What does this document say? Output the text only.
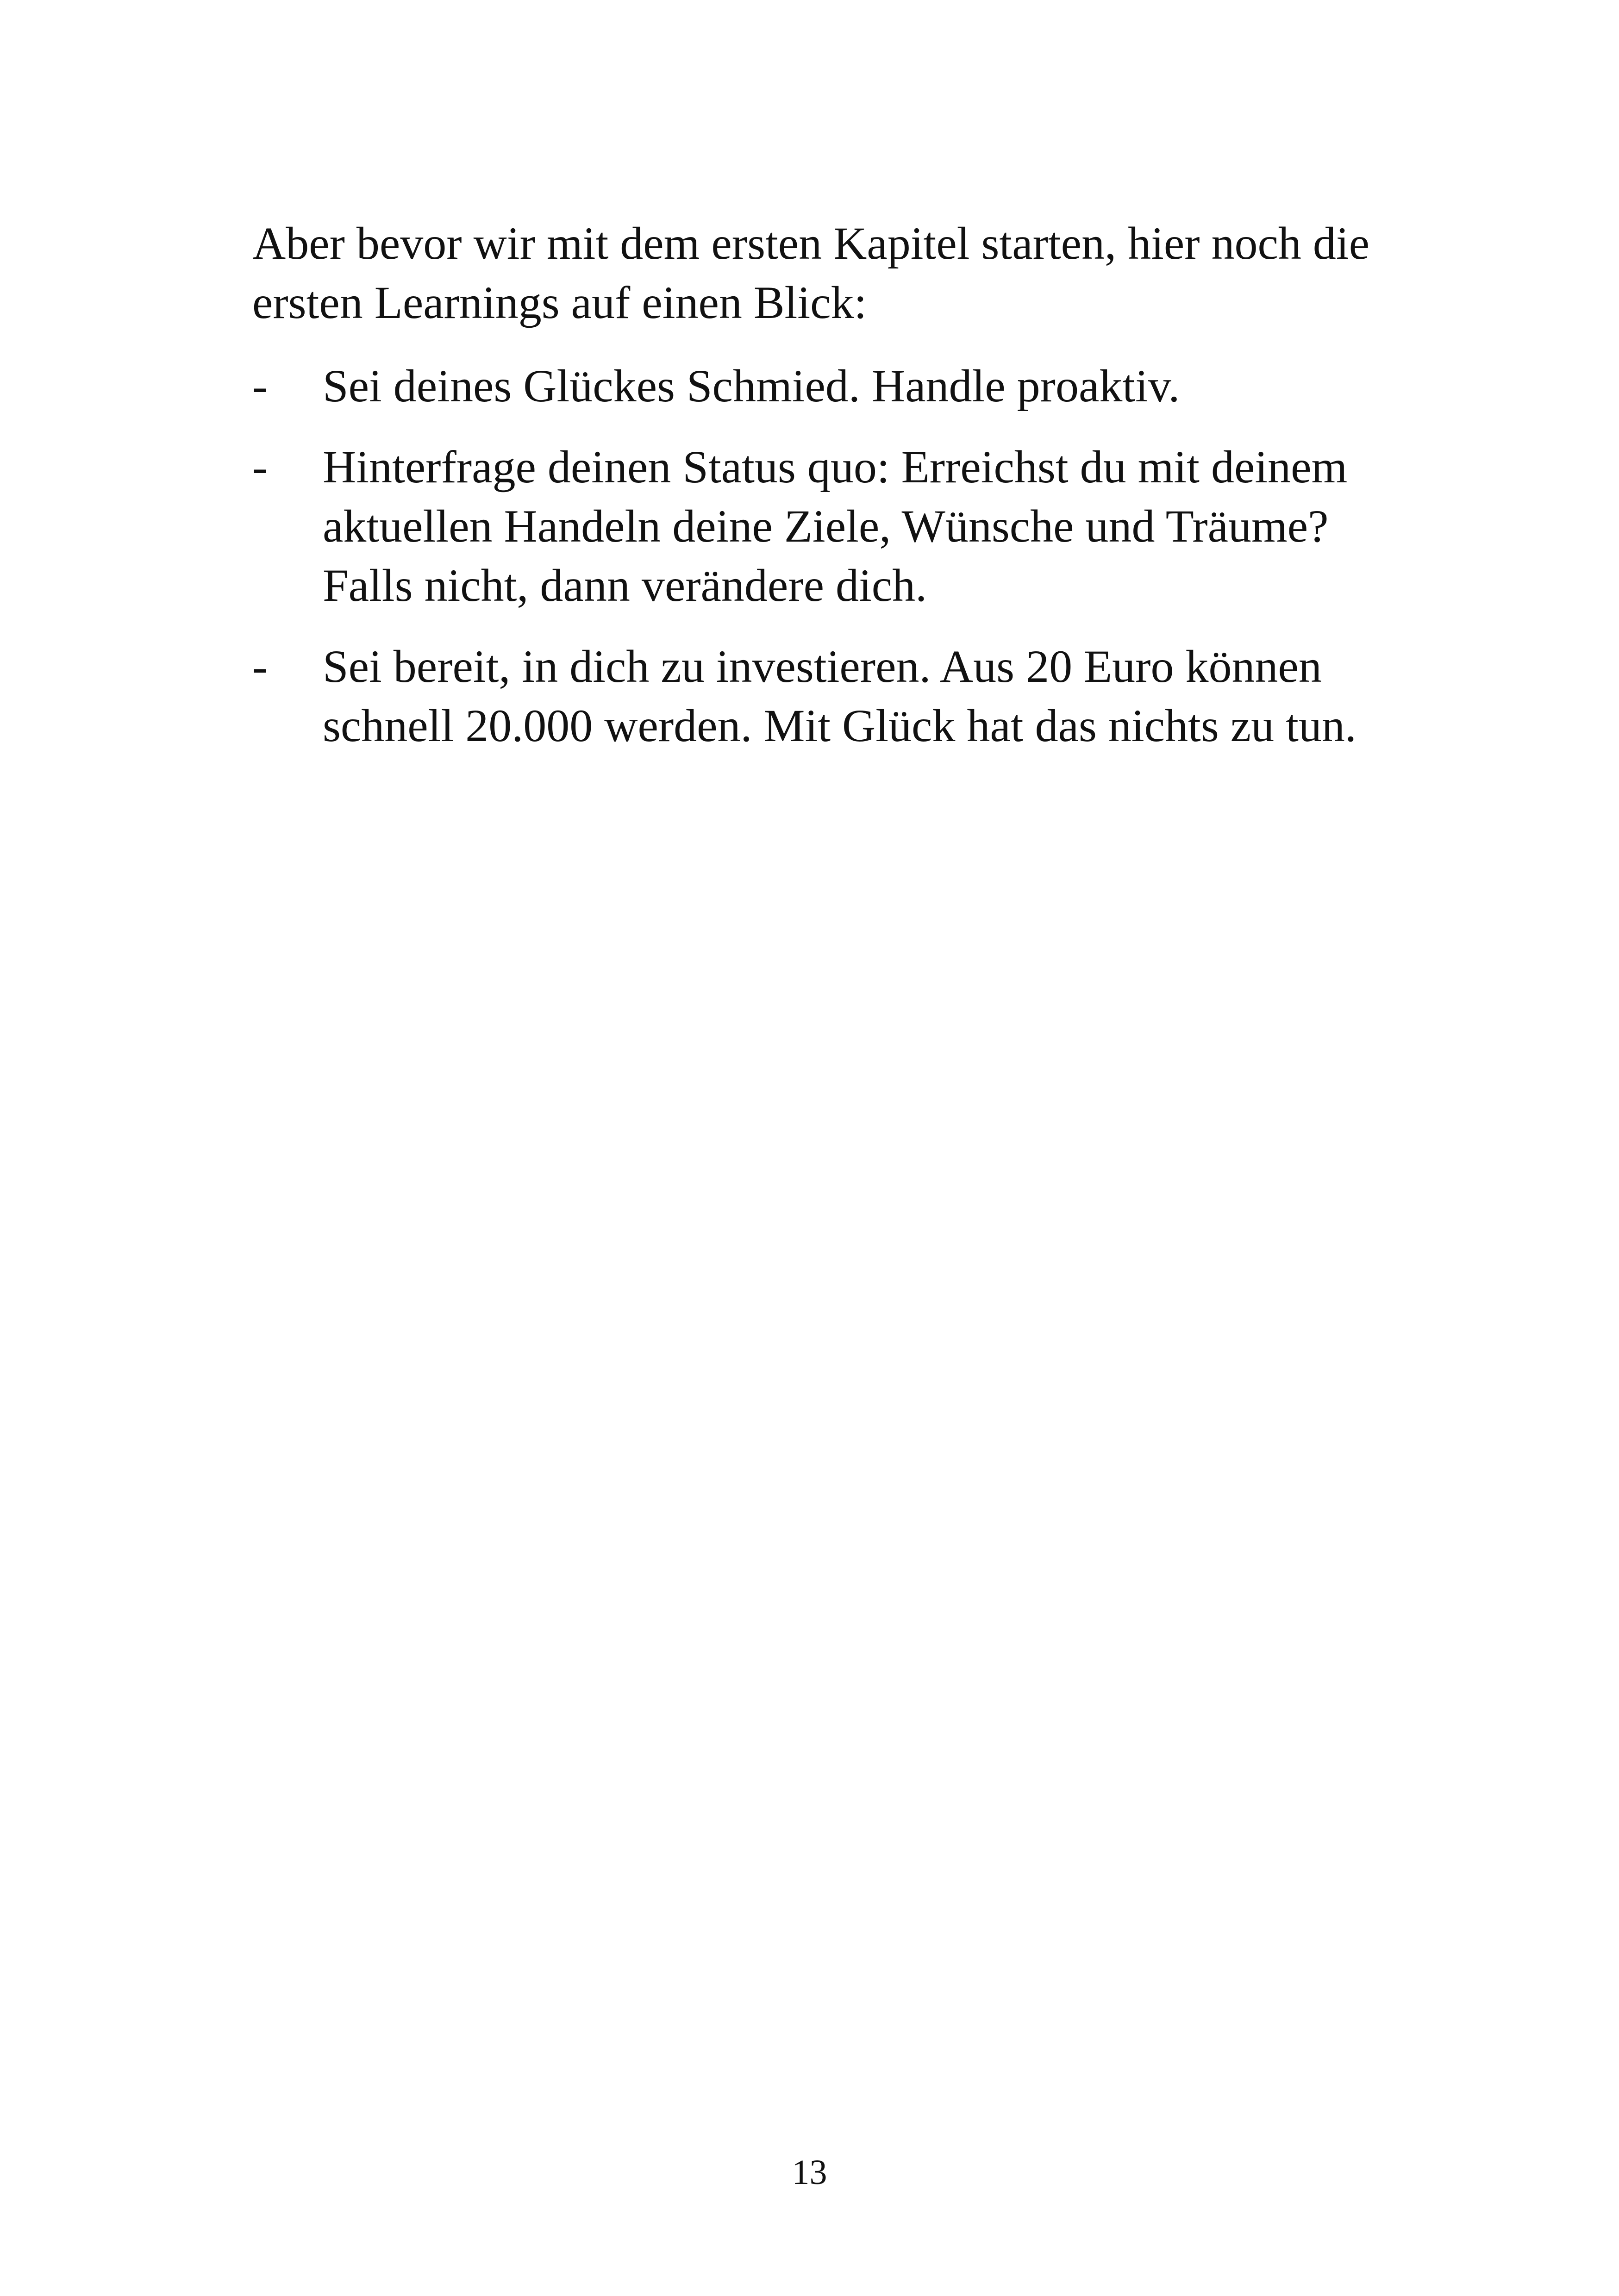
Aber bevor wir mit dem ersten Kapitel starten, hier noch die ersten Learnings auf einen Blick:

- Sei deines Glückes Schmied. Handle proaktiv.
- Hinterfrage deinen Status quo: Erreichst du mit deinem aktuellen Handeln deine Ziele, Wünsche und Träume? Falls nicht, dann verändere dich.
- Sei bereit, in dich zu investieren. Aus 20 Euro können schnell 20.000 werden. Mit Glück hat das nichts zu tun.
13
